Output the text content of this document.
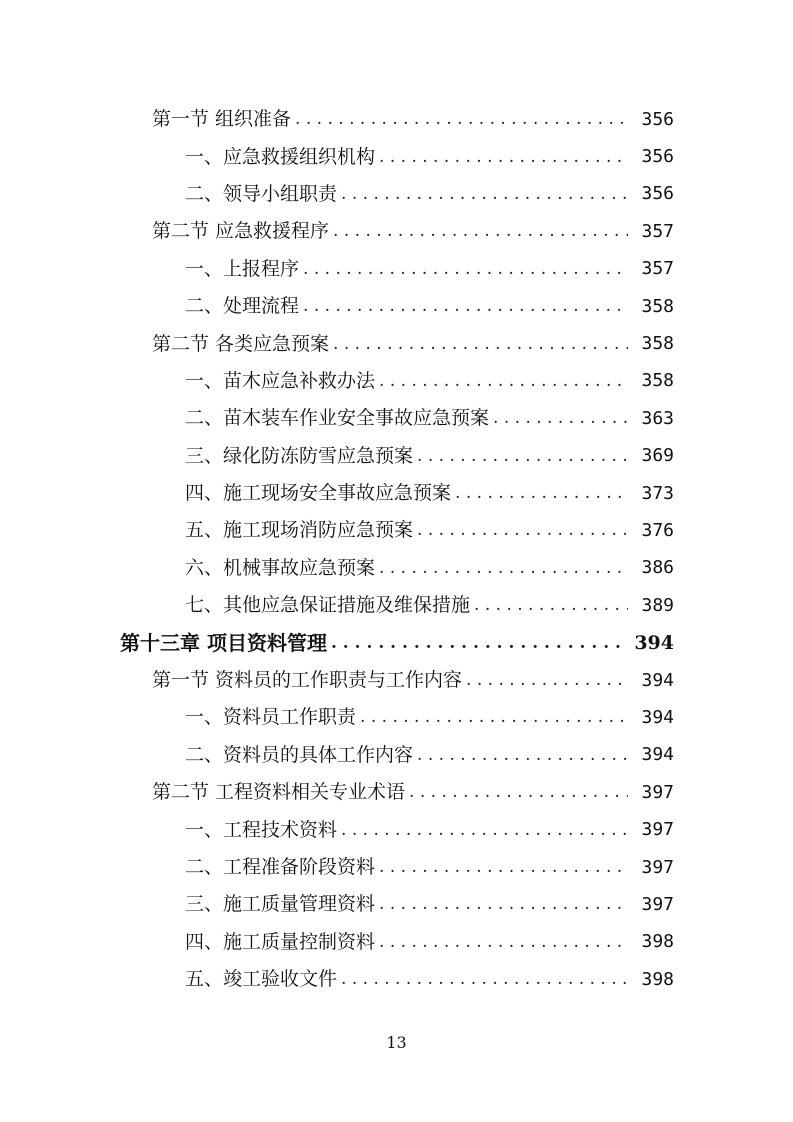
第一节 组织准备 . . .	356
一、应急救援组织机构 . . .	356
二、领导小组职责 . . .	356
第二节 应急救援程序 . . .	357
一、上报程序 . . .	357
二、处理流程 . . .	358
第二节 各类应急预案 . . .	358
一、苗木应急补救办法 . . .	358
二、苗木装车作业安全事故应急预案 . . .	363
三、绿化防冻防雪应急预案 . . .	369
四、施工现场安全事故应急预案 . . .	373
五、施工现场消防应急预案 . . .	376
六、机械事故应急预案 . . .	386
七、其他应急保证措施及维保措施 . . .	389
第十三章 项目资料管理 . . .	394
第一节 资料员的工作职责与工作内容 . . .	394
一、资料员工作职责 . . .	394
二、资料员的具体工作内容 . . .	394
第二节 工程资料相关专业术语 . . .	397
一、工程技术资料 . . .	397
二、工程准备阶段资料 . . .	397
三、施工质量管理资料 . . .	397
四、施工质量控制资料 . . .	398
五、竣工验收文件 . . .	398
13
